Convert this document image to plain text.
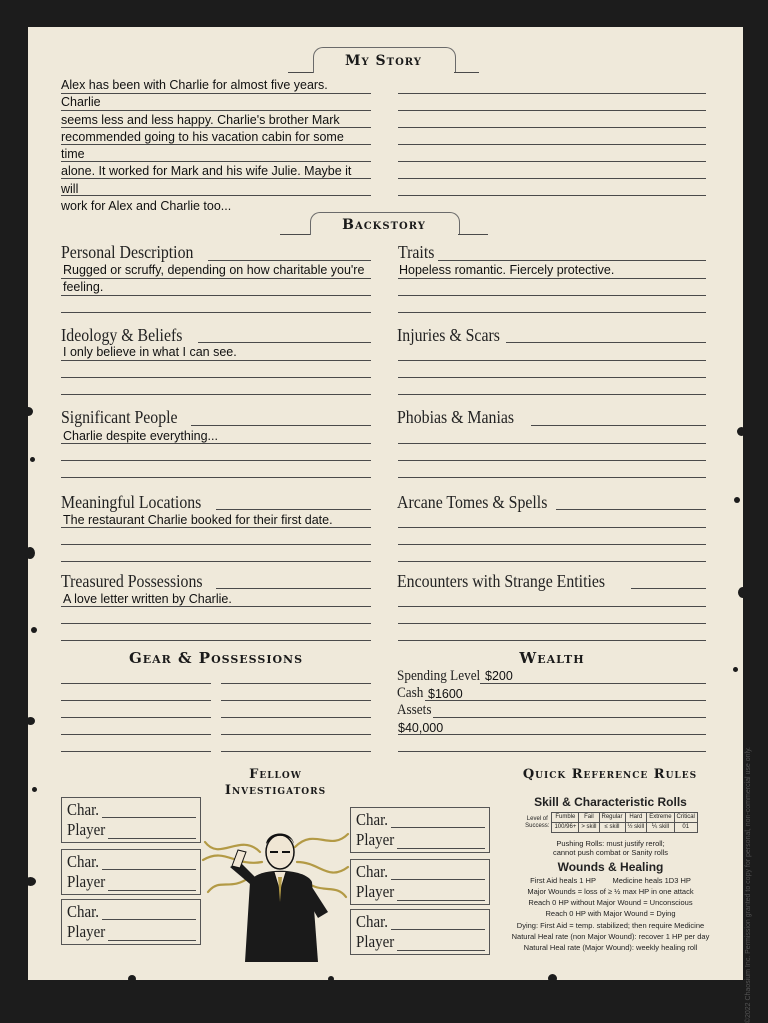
My Story
Alex has been with Charlie for almost five years. Charlie
seems less and less happy. Charlie's brother Mark
recommended going to his vacation cabin for some time
alone. It worked for Mark and his wife Julie. Maybe it will
work for Alex and Charlie too...
Backstory
Personal Description
Rugged or scruffy, depending on how charitable you're
feeling.
Traits
Hopeless romantic. Fiercely protective.
Ideology & Beliefs
I only believe in what I can see.
Injuries & Scars
Significant People
Charlie despite everything...
Phobias & Manias
Meaningful Locations
The restaurant Charlie booked for their first date.
Arcane Tomes & Spells
Treasured Possessions
A love letter written by Charlie.
Encounters with Strange Entities
Gear & Possessions	Wealth
Spending Level $200
Cash $1600
Assets
$40,000
Fellow
Investigators
Char.
Player
Char.
Player
Char.
Player
Char.
Player
Char.
Player
Char.
Player
Quick Reference Rules
Skill & Characteristic Rolls
Level of
Success:	Fumble	Fail	Regular	Hard	Extreme	Critical
	100/96+	> skill	≤ skill	½ skill	⅕ skill	01
Pushing Rolls: must justify reroll;
cannot push combat or Sanity rolls
Wounds & Healing
First Aid heals 1 HP        Medicine heals 1D3 HP
Major Wounds = loss of ≥ ½ max HP in one attack
Reach 0 HP without Major Wound = Unconscious
Reach 0 HP with Major Wound = Dying
Dying: First Aid = temp. stabilized; then require Medicine
Natural Heal rate (non Major Wound): recover 1 HP per day
Natural Heal rate (Major Wound): weekly healing roll	©2022 Chaosium Inc. Permission granted to copy for personal, non-commercial use only.
